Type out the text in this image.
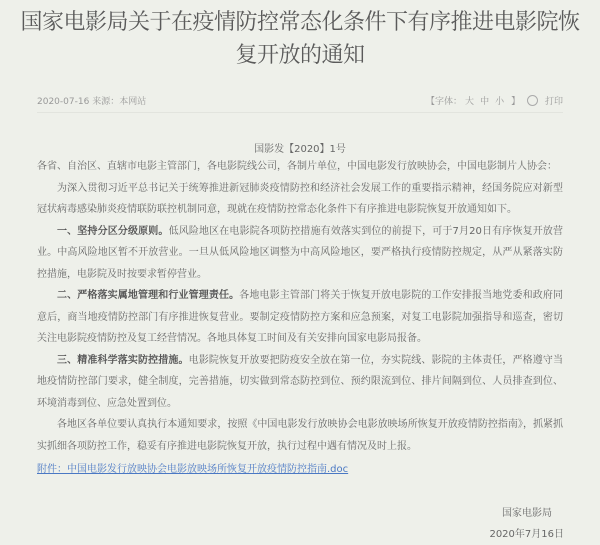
国家电影局关于在疫情防控常态化条件下有序推进电影院恢复开放的通知
2020-07-16 来源：本网站	【字体： 大 中 小 】	打印
国影发【2020】1号

各省、自治区、直辖市电影主管部门，各电影院线公司，各制片单位，中国电影发行放映协会，中国电影制片人协会：

为深入贯彻习近平总书记关于统筹推进新冠肺炎疫情防控和经济社会发展工作的重要指示精神，经国务院应对新型冠状病毒感染肺炎疫情联防联控机制同意，现就在疫情防控常态化条件下有序推进电影院恢复开放通知如下。

一、坚持分区分级原则。低风险地区在电影院各项防控措施有效落实到位的前提下，可于7月20日有序恢复开放营业。中高风险地区暂不开放营业。一旦从低风险地区调整为中高风险地区，要严格执行疫情防控规定，从严从紧落实防控措施，电影院及时按要求暂停营业。

二、严格落实属地管理和行业管理责任。各地电影主管部门将关于恢复开放电影院的工作安排报当地党委和政府同意后，商当地疫情防控部门有序推进恢复营业。要制定疫情防控方案和应急预案，对复工电影院加强指导和巡查，密切关注电影院疫情防控及复工经营情况。各地具体复工时间及有关安排向国家电影局报备。

三、精准科学落实防控措施。电影院恢复开放要把防疫安全放在第一位，夯实院线、影院的主体责任，严格遵守当地疫情防控部门要求，健全制度，完善措施，切实做到常态防控到位、预约限流到位、排片间隔到位、人员排查到位、环境消毒到位、应急处置到位。

各地区各单位要认真执行本通知要求，按照《中国电影发行放映协会电影放映场所恢复开放疫情防控指南》，抓紧抓实抓细各项防控工作，稳妥有序推进电影院恢复开放，执行过程中遇有情况及时上报。

附件：中国电影发行放映协会电影放映场所恢复开放疫情防控指南.doc
国家电影局
2020年7月16日
